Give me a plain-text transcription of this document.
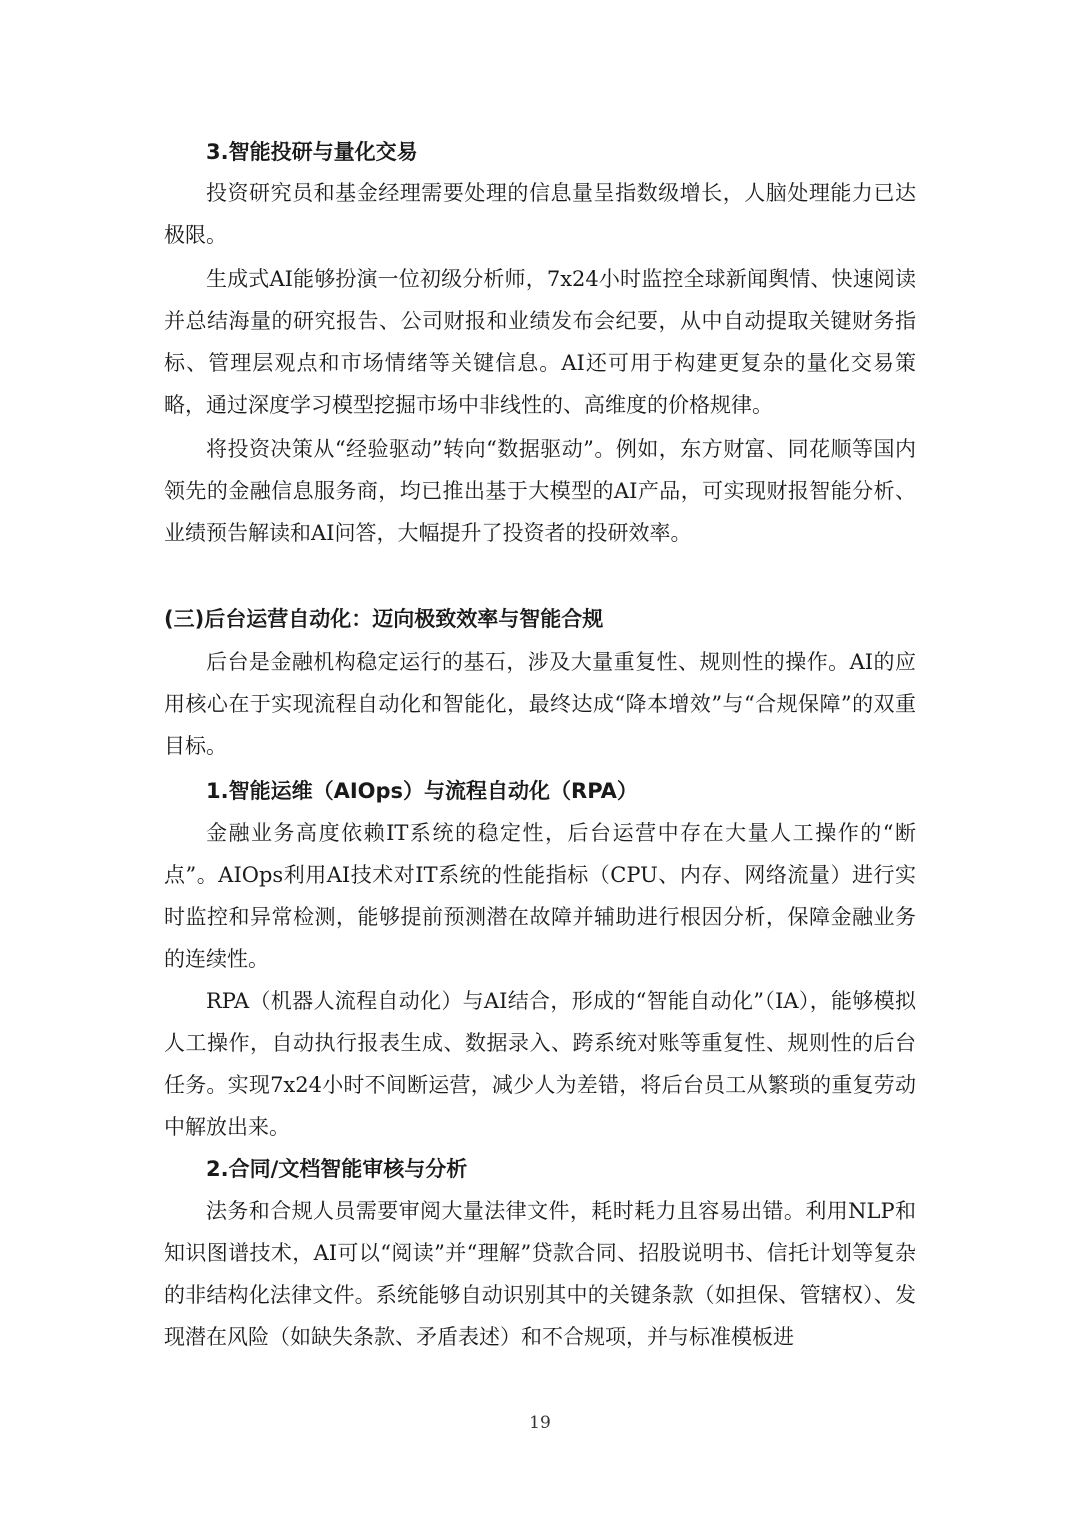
3.智能投研与量化交易

投资研究员和基金经理需要处理的信息量呈指数级增长，人脑处理能力已达极限。

生成式AI能够扮演一位初级分析师，7x24小时监控全球新闻舆情、快速阅读并总结海量的研究报告、公司财报和业绩发布会纪要，从中自动提取关键财务指标、管理层观点和市场情绪等关键信息。AI还可用于构建更复杂的量化交易策略，通过深度学习模型挖掘市场中非线性的、高维度的价格规律。

将投资决策从“经验驱动”转向“数据驱动”。例如，东方财富、同花顺等国内领先的金融信息服务商，均已推出基于大模型的AI产品，可实现财报智能分析、业绩预告解读和AI问答，大幅提升了投资者的投研效率。

(三)后台运营自动化：迈向极致效率与智能合规

后台是金融机构稳定运行的基石，涉及大量重复性、规则性的操作。AI的应用核心在于实现流程自动化和智能化，最终达成“降本增效”与“合规保障”的双重目标。

1.智能运维（AIOps）与流程自动化（RPA）

金融业务高度依赖IT系统的稳定性，后台运营中存在大量人工操作的“断点”。AIOps利用AI技术对IT系统的性能指标（CPU、内存、网络流量）进行实时监控和异常检测，能够提前预测潜在故障并辅助进行根因分析，保障金融业务的连续性。

RPA（机器人流程自动化）与AI结合，形成的“智能自动化”（IA），能够模拟人工操作，自动执行报表生成、数据录入、跨系统对账等重复性、规则性的后台任务。实现7x24小时不间断运营，减少人为差错，将后台员工从繁琐的重复劳动中解放出来。

2.合同/文档智能审核与分析

法务和合规人员需要审阅大量法律文件，耗时耗力且容易出错。利用NLP和知识图谱技术，AI可以“阅读”并“理解”贷款合同、招股说明书、信托计划等复杂的非结构化法律文件。系统能够自动识别其中的关键条款（如担保、管辖权）、发现潜在风险（如缺失条款、矛盾表述）和不合规项，并与标准模板进

19
